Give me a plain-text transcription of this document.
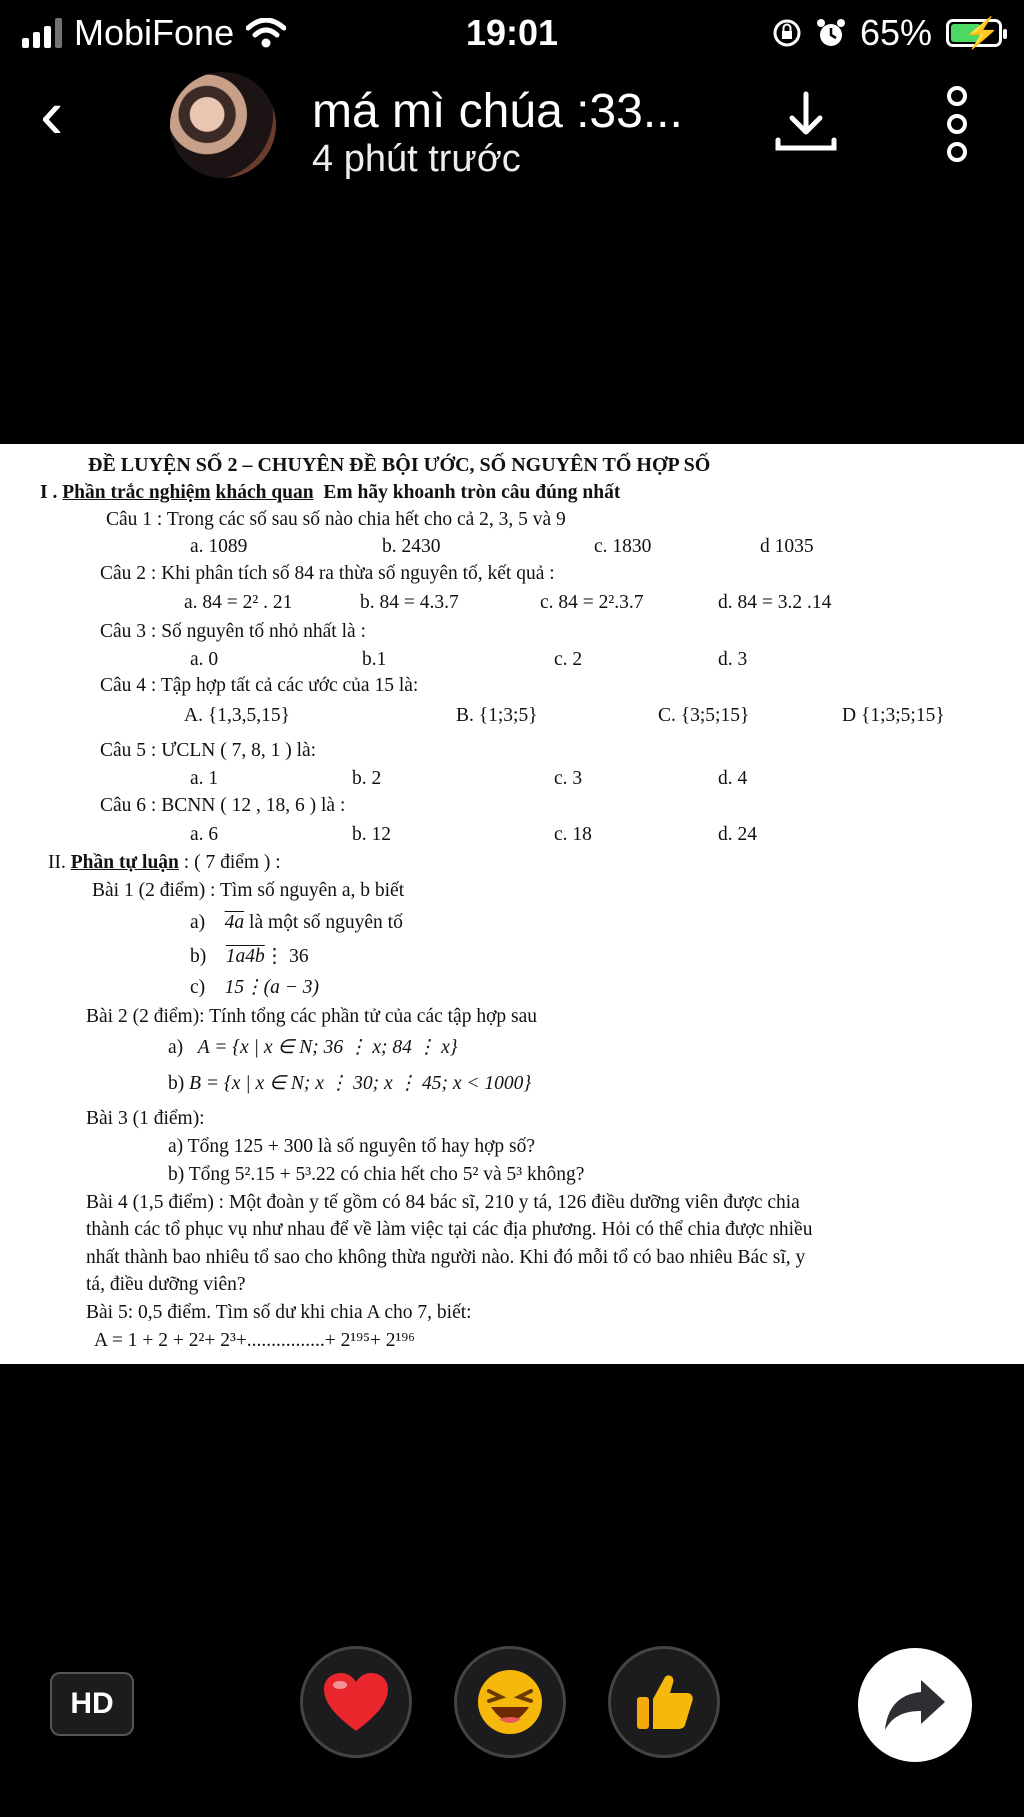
MobiFone	19:01	65% ⚡
‹	má mì chúa :33...
4 phút trước
ĐỀ LUYỆN SỐ 2 – CHUYÊN ĐỀ BỘI ƯỚC, SỐ NGUYÊN TỐ HỢP SỐ
I . Phần trắc nghiệm khách quan Em hãy khoanh tròn câu đúng nhất
Câu 1 : Trong các số sau số nào chia hết cho cả 2, 3, 5 và 9
a. 1089	b. 2430	c. 1830	d 1035
Câu 2 : Khi phân tích số 84 ra thừa số nguyên tố, kết quả :
a. 84 = 2² . 21	b. 84 = 4.3.7	c. 84 = 2².3.7	d. 84 = 3.2 .14
Câu 3 : Số nguyên tố nhỏ nhất là :
a. 0	b.1	c. 2	d. 3
Câu 4 : Tập hợp tất cả các ước của 15 là:
A. {1,3,5,15}	B. {1;3;5}	C. {3;5;15}	D {1;3;5;15}
Câu 5 : ƯCLN ( 7, 8, 1 ) là:
a. 1	b. 2	c. 3	d. 4
Câu 6 : BCNN ( 12 , 18, 6 ) là :
a. 6	b. 12	c. 18	d. 24
II. Phần tự luận : ( 7 điểm ) :
Bài 1 (2 điểm) : Tìm số nguyên a, b biết
a) 4a là một số nguyên tố
b) 1a4b⋮ 36
c) 15⋮(a − 3)
Bài 2 (2 điểm): Tính tổng các phần tử của các tập hợp sau
a) A = {x | x ∈ N; 36 ⋮ x; 84 ⋮ x}
b) B = {x | x ∈ N; x ⋮ 30; x ⋮ 45; x < 1000}
Bài 3 (1 điểm):
a) Tổng 125 + 300 là số nguyên tố hay hợp số?
b) Tổng 5².15 + 5³.22 có chia hết cho 5² và 5³ không?
Bài 4 (1,5 điểm) : Một đoàn y tế gồm có 84 bác sĩ, 210 y tá, 126 điều dưỡng viên được chia
thành các tổ phục vụ như nhau để về làm việc tại các địa phương. Hỏi có thể chia được nhiều
nhất thành bao nhiêu tổ sao cho không thừa người nào. Khi đó mỗi tổ có bao nhiêu Bác sĩ, y
tá, điều dưỡng viên?
Bài 5: 0,5 điểm. Tìm số dư khi chia A cho 7, biết:
A = 1 + 2 + 2²+ 2³+................+ 2¹⁹⁵+ 2¹⁹⁶
HD
